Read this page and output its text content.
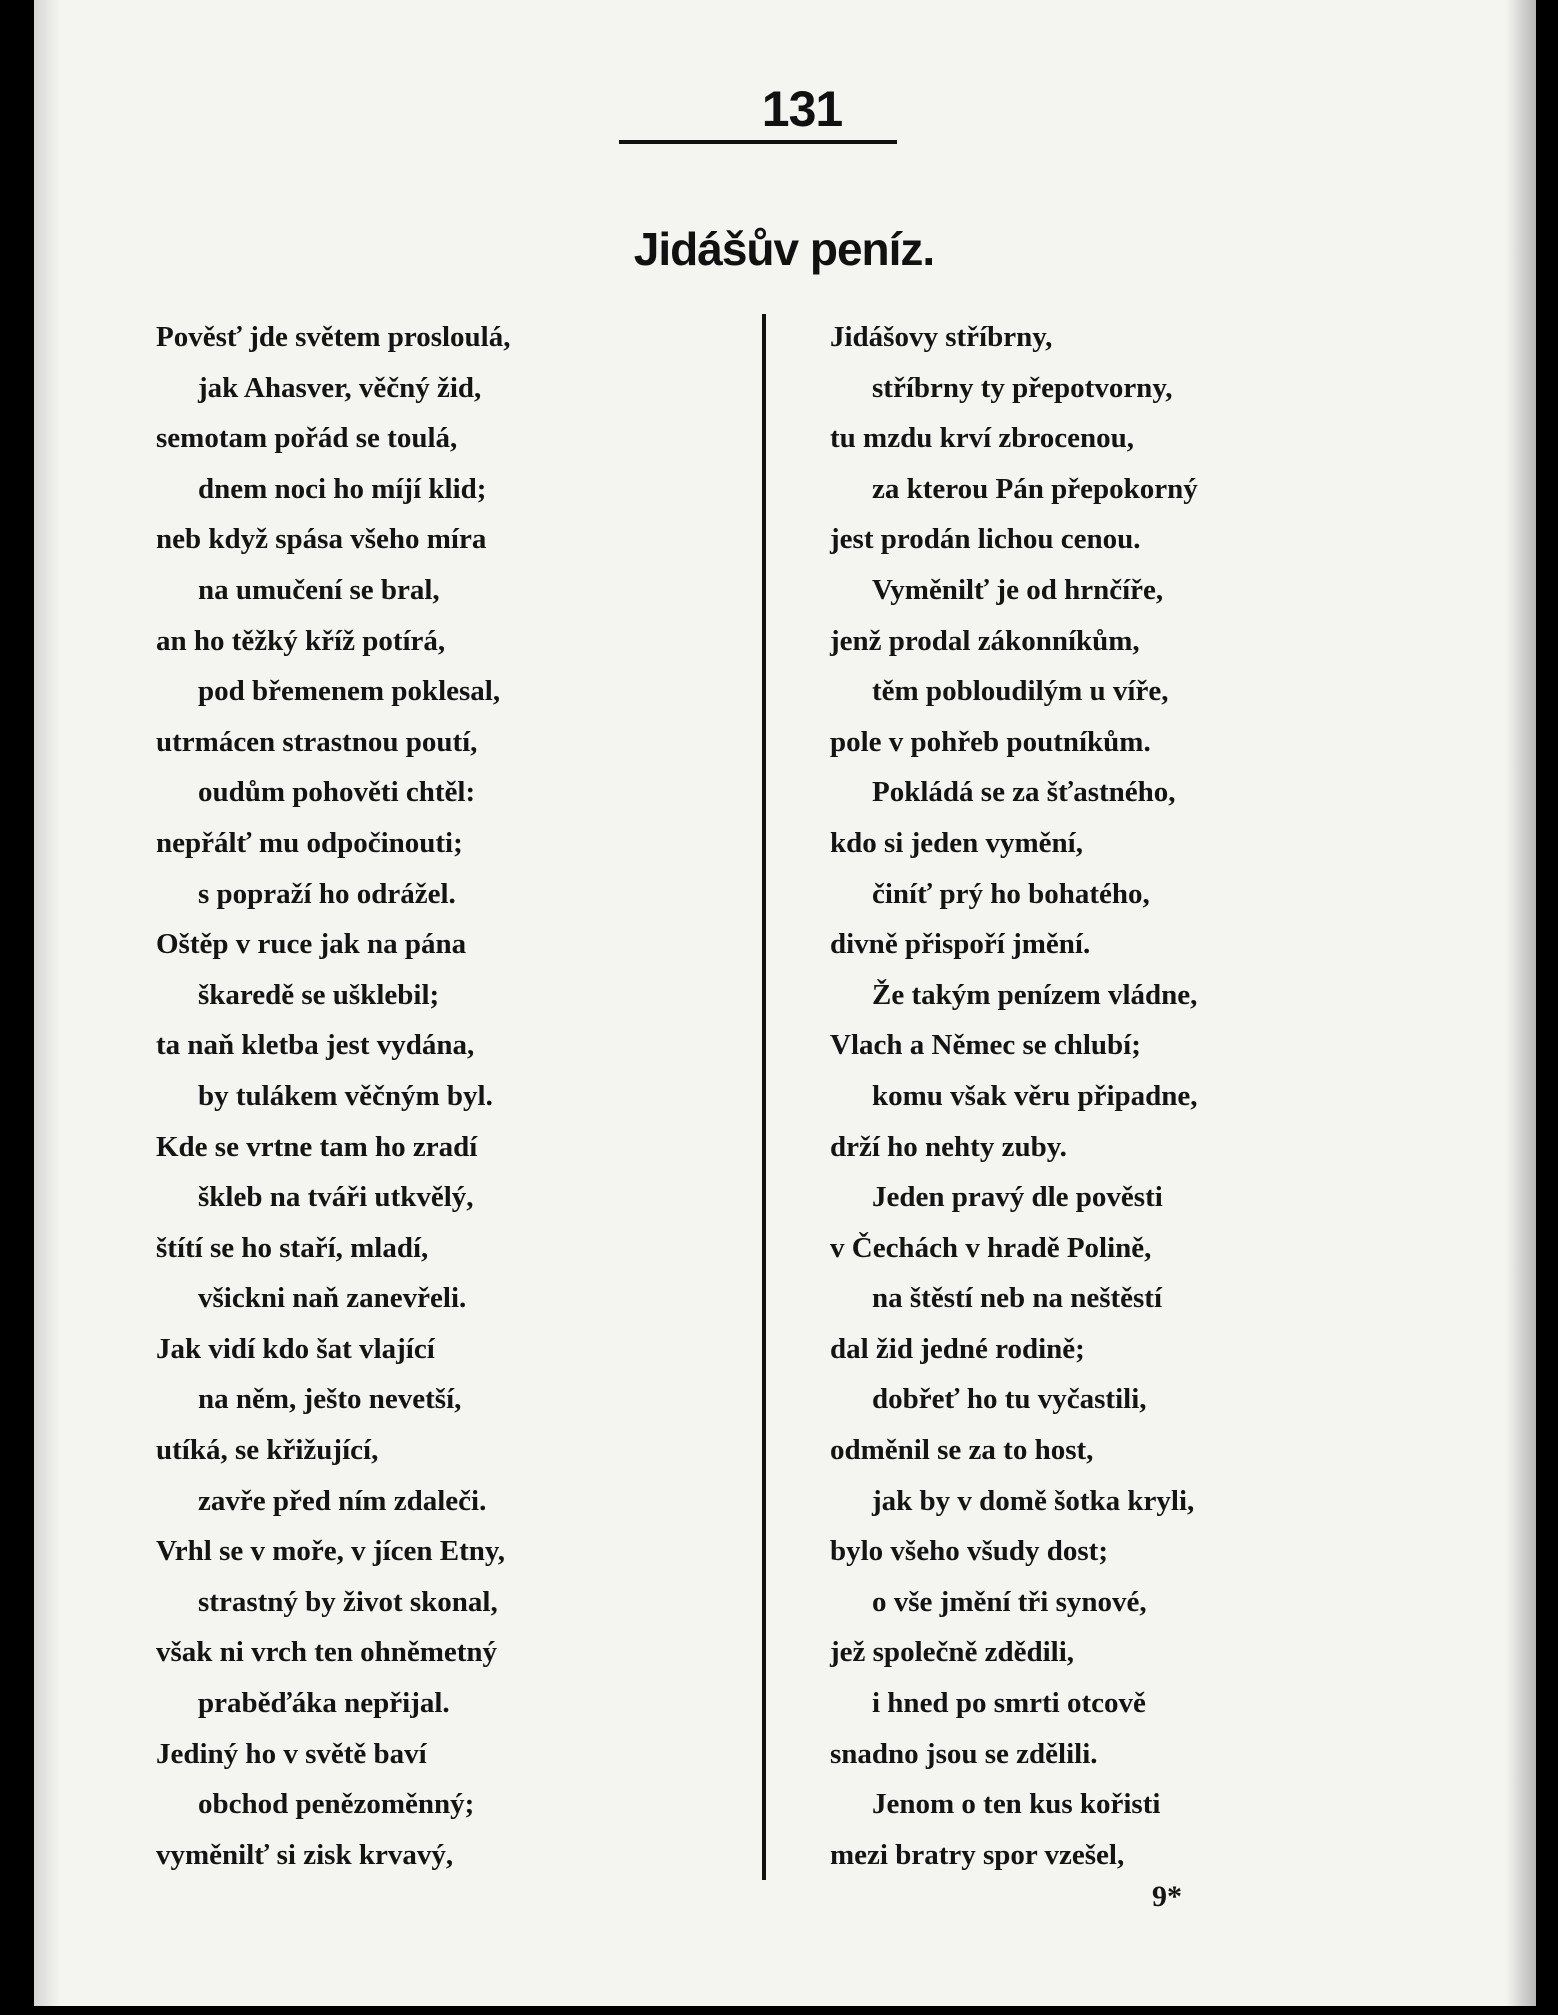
131
Jidášův peníz.
Pověsť jde světem prosloulá,
jak Ahasver, věčný žid,
semotam pořád se toulá,
dnem noci ho míjí klid;
neb když spása všeho míra
na umučení se bral,
an ho těžký kříž potírá,
pod břemenem poklesal,
utrmácen strastnou poutí,
oudům pohověti chtěl:
nepřálť mu odpočinouti;
s popraží ho odrážel.
Oštěp v ruce jak na pána
škaredě se ušklebil;
ta naň kletba jest vydána,
by tulákem věčným byl.
Kde se vrtne tam ho zradí
škleb na tváři utkvělý,
štítí se ho staří, mladí,
všickni naň zanevřeli.
Jak vidí kdo šat vlající
na něm, ješto nevetší,
utíká, se křižující,
zavře před ním zdaleči.
Vrhl se v moře, v jícen Etny,
strastný by život skonal,
však ni vrch ten ohněmetný
praběďáka nepřijal.
Jediný ho v světě baví
obchod penězoměnný;
vyměnilť si zisk krvavý,
Jidášovy stříbrny,
stříbrny ty přepotvorny,
tu mzdu krví zbrocenou,
za kterou Pán přepokorný
jest prodán lichou cenou.
Vyměnilť je od hrnčíře,
jenž prodal zákonníkům,
těm pobloudilým u víře,
pole v pohřeb poutníkům.
Pokládá se za šťastného,
kdo si jeden vymění,
činíť prý ho bohatého,
divně přispoří jmění.
Že takým penízem vládne,
Vlach a Němec se chlubí;
komu však věru připadne,
drží ho nehty zuby.
Jeden pravý dle pověsti
v Čechách v hradě Polině,
na štěstí neb na neštěstí
dal žid jedné rodině;
dobřeť ho tu vyčastili,
odměnil se za to host,
jak by v domě šotka kryli,
bylo všeho všudy dost;
o vše jmění tři synové,
jež společně zdědili,
i hned po smrti otcově
snadno jsou se zdělili.
Jenom o ten kus kořisti
mezi bratry spor vzešel,
9*
